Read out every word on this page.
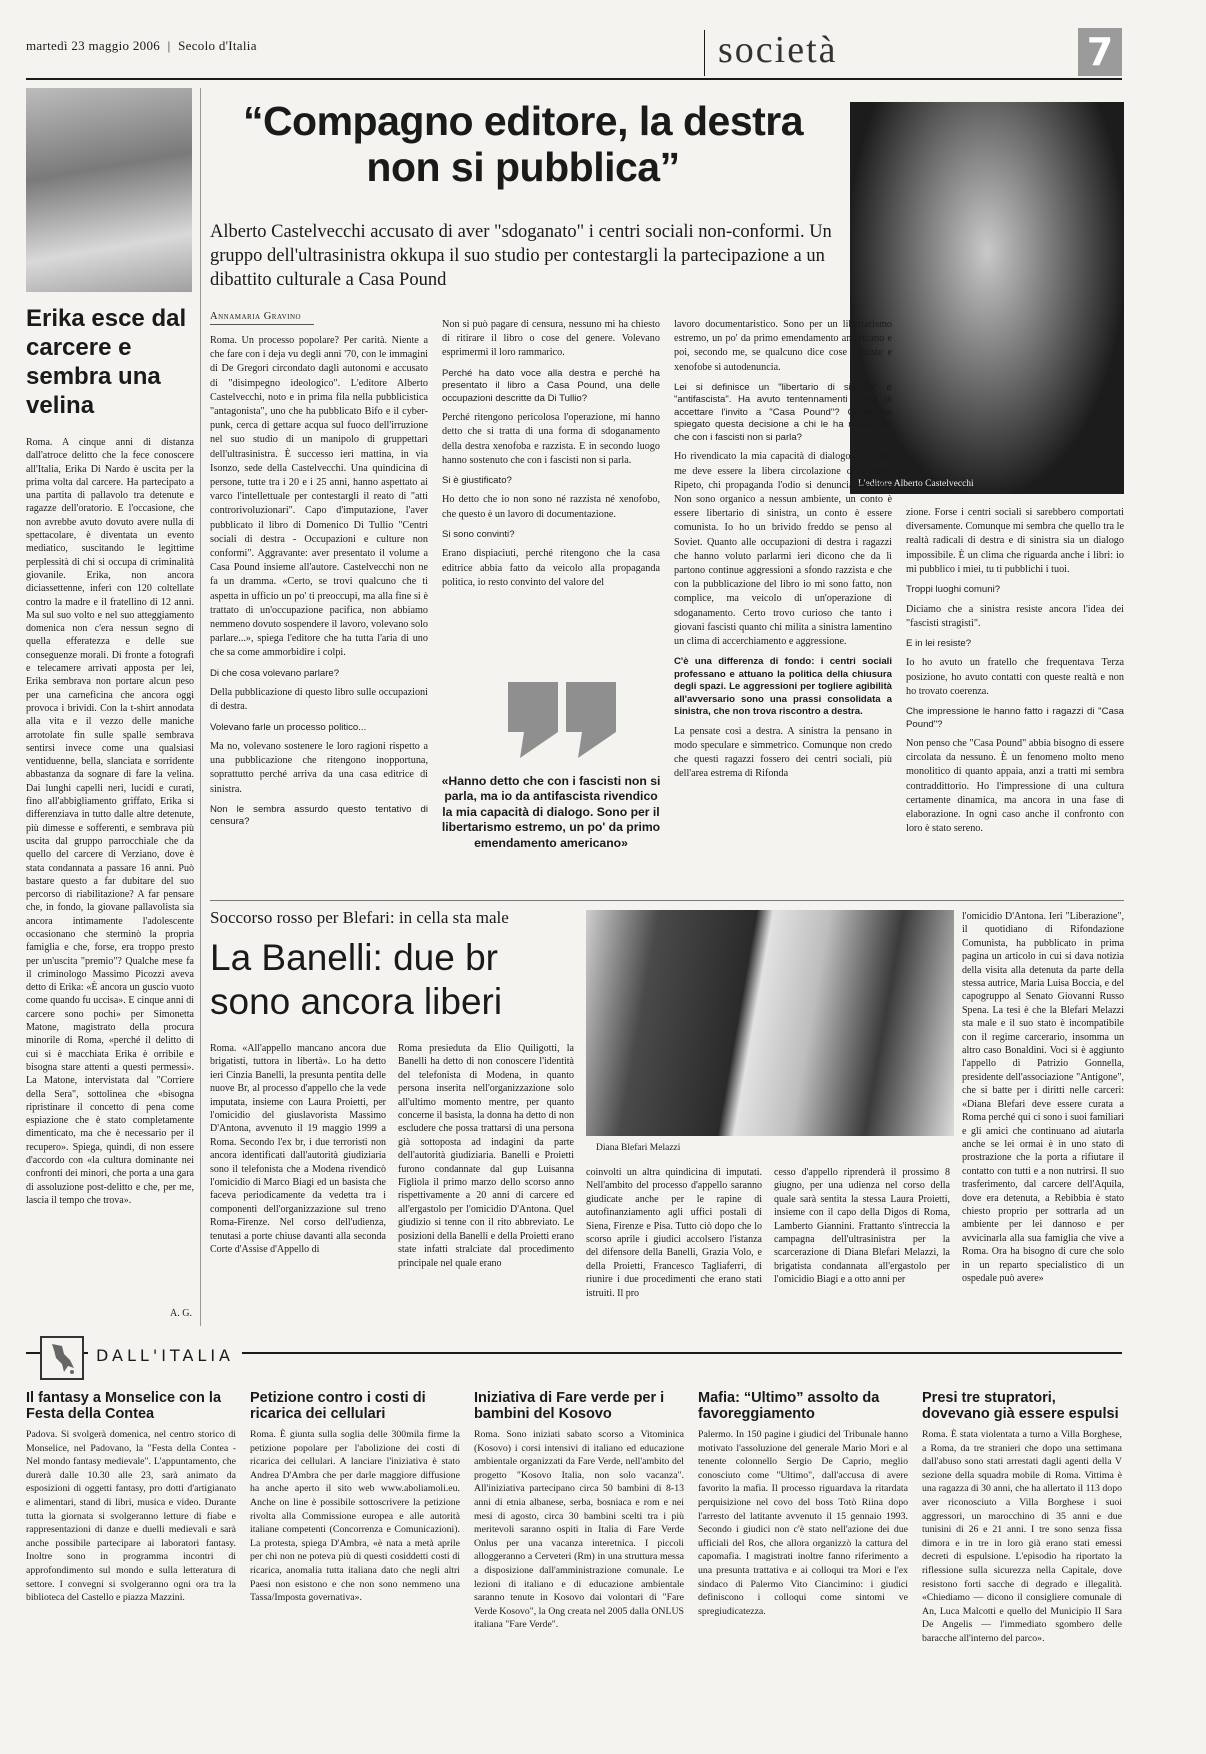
martedì 23 maggio 2006 | Secolo d'Italia	società	7
Erika esce dal carcere e sembra una velina
Roma. A cinque anni di distanza dall'atroce delitto che la fece conoscere all'Italia, Erika Di Nardo è uscita per la prima volta dal carcere. Ha partecipato a una partita di pallavolo tra detenute e ragazze dell'oratorio. E l'occasione, che non avrebbe avuto dovuto avere nulla di spettacolare, è diventata un evento mediatico, suscitando le legittime perplessità di chi si occupa di criminalità giovanile. Erika, non ancora diciassettenne, inferì con 120 coltellate contro la madre e il fratellino di 12 anni. Ma sul suo volto e nel suo atteggiamento domenica non c'era nessun segno di quella efferatezza e delle sue conseguenze morali. Di fronte a fotografi e telecamere arrivati apposta per lei, Erika sembrava non portare alcun peso per una carneficina che ancora oggi provoca i brividi. Con la t-shirt annodata alla vita e il vezzo delle maniche arrotolate fin sulle spalle sembrava sentirsi invece come una qualsiasi ventiduenne, bella, slanciata e sorridente abbastanza da sognare di fare la velina. Dai lunghi capelli neri, lucidi e curati, fino all'abbigliamento griffato, Erika si differenziava in tutto dalle altre detenute, più dimesse e sofferenti, e sembrava più uscita dal gruppo parrocchiale che da quello del carcere di Verziano, dove è stata condannata a passare 16 anni. Può bastare questo a far dubitare del suo percorso di riabilitazione? A far pensare che, in fondo, la giovane pallavolista sia ancora intimamente l'adolescente occasionano che sterminò la propria famiglia e che, forse, era troppo presto per un'uscita "premio"? Qualche mese fa il criminologo Massimo Picozzi aveva detto di Erika: «È ancora un guscio vuoto come quando fu uccisa». E cinque anni di carcere sono pochi» per Simonetta Matone, magistrato della procura minorile di Roma, «perché il delitto di cui si è macchiata Erika è orribile e bisogna stare attenti a questi permessi». La Matone, intervistata dal "Corriere della Sera", sottolinea che «bisogna ripristinare il concetto di pena come espiazione che è stato completamente dimenticato, ma che è necessario per il recupero». Spiega, quindi, di non essere d'accordo con «la cultura dominante nei confronti dei minori, che porta a una gara di assoluzione post-delitto e che, per me, lascia il tempo che trova».
A. G.
“Compagno editore, la destra non si pubblica”
Alberto Castelvecchi accusato di aver "sdoganato" i centri sociali non-conformi. Un gruppo dell'ultrasinistra okkupa il suo studio per contestargli la partecipazione a un dibattito culturale a Casa Pound
L'editore Alberto Castelvecchi
Annamaria Gravino

Roma. Un processo popolare? Per carità. Niente a che fare con i deja vu degli anni '70, con le immagini di De Gregori circondato dagli autonomi e accusato di "disimpegno ideologico". L'editore Alberto Castelvecchi, noto e in prima fila nella pubblicistica "antagonista", uno che ha pubblicato Bifo e il cyber-punk, cerca di gettare acqua sul fuoco dell'irruzione nel suo studio di un manipolo di gruppettari dell'ultrasinistra. È successo ieri mattina, in via Isonzo, sede della Castelvecchi. Una quindicina di persone, tutte tra i 20 e i 25 anni, hanno aspettato ai varco l'intellettuale per contestargli il reato di "atti controrivoluzionari". Capo d'imputazione, l'aver pubblicato il libro di Domenico Di Tullio "Centri sociali di destra - Occupazioni e culture non conformi". Aggravante: aver presentato il volume a Casa Pound insieme all'autore. Castelvecchi non ne fa un dramma. «Certo, se trovi qualcuno che ti aspetta in ufficio un po' ti preoccupi, ma alla fine si è trattato di un'occupazione pacifica, non abbiamo nemmeno dovuto sospendere il lavoro, volevano solo parlare...», spiega l'editore che ha tutta l'aria di uno che sa come ammorbidire i colpi.

Di che cosa volevano parlare?

Della pubblicazione di questo libro sulle occupazioni di destra.

Volevano farle un processo politico...

Ma no, volevano sostenere le loro ragioni rispetto a una pubblicazione che ritengono inopportuna, soprattutto perché arriva da una casa editrice di sinistra.

Non le sembra assurdo questo tentativo di censura?

Non si può pagare di censura, nessuno mi ha chiesto di ritirare il libro o cose del genere. Volevano esprimermi il loro rammarico.

Perché ha dato voce alla destra e perché ha presentato il libro a Casa Pound, una delle occupazioni descritte da Di Tullio?

Perché ritengono pericolosa l'operazione, mi hanno detto che si tratta di una forma di sdoganamento della destra xenofoba e razzista. E in secondo luogo hanno sostenuto che con i fascisti non si parla.

Si è giustificato?

Ho detto che io non sono né razzista né xenofobo, che questo è un lavoro di documentazione.

Si sono convinti?

Erano dispiaciuti, perché ritengono che la casa editrice abbia fatto da veicolo alla propaganda politica, io resto convinto del valore del

lavoro documentaristico. Sono per un libertarismo estremo, un po' da primo emendamento americano e poi, secondo me, se qualcuno dice cose razziste e xenofobe si autodenuncia.

Lei si definisce un "libertario di sinistra" e "antifascista". Ha avuto tentennamenti prima di accettare l'invito a "Casa Pound"? Come ha spiegato questa decisione a chi le ha rinfacciato che con i fascisti non si parla?

Ho rivendicato la mia capacità di dialogo. Secondo me deve essere la libera circolazione delle idee. Ripeto, chi propaganda l'odio si denuncia da solo. Non sono organico a nessun ambiente, un conto è essere libertario di sinistra, un conto è essere comunista. Io ho un brivido freddo se penso al Soviet. Quanto alle occupazioni di destra i ragazzi che hanno voluto parlarmi ieri dicono che da lì partono continue aggressioni a sfondo razzista e che con la pubblicazione del libro io mi sono fatto, non complice, ma veicolo di un'operazione di sdoganamento. Certo trovo curioso che tanto i giovani fascisti quanto chi milita a sinistra lamentino un clima di accerchiamento e aggressione.

C'è una differenza di fondo: i centri sociali professano e attuano la politica della chiusura degli spazi. Le aggressioni per togliere agibilità all'avversario sono una prassi consolidata a sinistra, che non trova riscontro a destra.

La pensate così a destra. A sinistra la pensano in modo speculare e simmetrico. Comunque non credo che questi ragazzi fossero dei centri sociali, più dell'area estrema di Rifonda

zione. Forse i centri sociali si sarebbero comportati diversamente. Comunque mi sembra che quello tra le realtà radicali di destra e di sinistra sia un dialogo impossibile. È un clima che riguarda anche i libri: io mi pubblico i miei, tu ti pubblichi i tuoi.

Troppi luoghi comuni?

Diciamo che a sinistra resiste ancora l'idea dei "fascisti stragisti".

E in lei resiste?

Io ho avuto un fratello che frequentava Terza posizione, ho avuto contatti con queste realtà e non ho trovato coerenza.

Che impressione le hanno fatto i ragazzi di "Casa Pound"?

Non penso che "Casa Pound" abbia bisogno di essere circolata da nessuno. È un fenomeno molto meno monolitico di quanto appaia, anzi a tratti mi sembra contraddittorio. Ho l'impressione di una cultura certamente dinamica, ma ancora in una fase di elaborazione. In ogni caso anche il confronto con loro è stato sereno.

«Hanno detto che con i fascisti non si parla, ma io da antifascista rivendico la mia capacità di dialogo. Sono per il libertarismo estremo, un po' da primo emendamento americano»
Soccorso rosso per Blefari: in cella sta male
La Banelli: due br sono ancora liberi
Diana Blefari Melazzi
Roma. «All'appello mancano ancora due brigatisti, tuttora in libertà». Lo ha detto ieri Cinzia Banelli, la presunta pentita delle nuove Br, al processo d'appello che la vede imputata, insieme con Laura Proietti, per l'omicidio del giuslavorista Massimo D'Antona, avvenuto il 19 maggio 1999 a Roma. Secondo l'ex br, i due terroristi non ancora identificati dall'autorità giudiziaria sono il telefonista che a Modena rivendicò l'omicidio di Marco Biagi ed un basista che faceva periodicamente da vedetta tra i componenti dell'organizzazione sul treno Roma-Firenze. Nel corso dell'udienza, tenutasi a porte chiuse davanti alla seconda Corte d'Assise d'Appello di
Roma presieduta da Elio Quiligotti, la Banelli ha detto di non conoscere l'identità del telefonista di Modena, in quanto persona inserita nell'organizzazione solo all'ultimo momento mentre, per quanto concerne il basista, la donna ha detto di non escludere che possa trattarsi di una persona già sottoposta ad indagini da parte dell'autorità giudiziaria. Banelli e Proietti furono condannate dal gup Luisanna Figliola il primo marzo dello scorso anno rispettivamente a 20 anni di carcere ed all'ergastolo per l'omicidio D'Antona. Quel giudizio si tenne con il rito abbreviato. Le posizioni della Banelli e della Proietti erano state infatti stralciate dal procedimento principale nel quale erano
coinvolti un altra quindicina di imputati. Nell'ambito del processo d'appello saranno giudicate anche per le rapine di autofinanziamento agli uffici postali di Siena, Firenze e Pisa. Tutto ciò dopo che lo scorso aprile i giudici accolsero l'istanza del difensore della Banelli, Grazia Volo, e della Proietti, Francesco Tagliaferri, di riunire i due procedimenti che erano stati istruiti. Il pro
cesso d'appello riprenderà il prossimo 8 giugno, per una udienza nel corso della quale sarà sentita la stessa Laura Proietti, insieme con il capo della Digos di Roma, Lamberto Giannini. Frattanto s'intreccia la campagna dell'ultrasinistra per la scarcerazione di Diana Blefari Melazzi, la brigatista condannata all'ergastolo per l'omicidio Biagi e a otto anni per
l'omicidio D'Antona. Ieri "Liberazione", il quotidiano di Rifondazione Comunista, ha pubblicato in prima pagina un articolo in cui si dava notizia della visita alla detenuta da parte della stessa autrice, Maria Luisa Boccia, e del capogruppo al Senato Giovanni Russo Spena. La tesi è che la Blefari Melazzi sta male e il suo stato è incompatibile con il regime carcerario, insomma un altro caso Bonaldini. Voci si è aggiunto l'appello di Patrizio Gonnella, presidente dell'associazione "Antigone", che si batte per i diritti nelle carceri: «Diana Blefari deve essere curata a Roma perché qui ci sono i suoi familiari e gli amici che continuano ad aiutarla anche se lei ormai è in uno stato di prostrazione che la porta a rifiutare il contatto con tutti e a non nutrirsi. Il suo trasferimento, dal carcere dell'Aquila, dove era detenuta, a Rebibbia è stato chiesto proprio per sottrarla ad un ambiente per lei dannoso e per avvicinarla alla sua famiglia che vive a Roma. Ora ha bisogno di cure che solo in un reparto specialistico di un ospedale può avere»
DALL'ITALIA
Il fantasy a Monselice con la Festa della Contea
Padova. Si svolgerà domenica, nel centro storico di Monselice, nel Padovano, la "Festa della Contea - Nel mondo fantasy medievale". L'appuntamento, che durerà dalle 10.30 alle 23, sarà animato da esposizioni di oggetti fantasy, pro dotti d'artigianato e alimentari, stand di libri, musica e video. Durante tutta la giornata si svolgeranno letture di fiabe e rappresentazioni di danze e duelli medievali e sarà anche possibile partecipare ai laboratori fantasy. Inoltre sono in programma incontri di approfondimento sul mondo e sulla letteratura di settore. I convegni si svolgeranno ogni ora tra la biblioteca del Castello e piazza Mazzini.
Petizione contro i costi di ricarica dei cellulari
Roma. È giunta sulla soglia delle 300mila firme la petizione popolare per l'abolizione dei costi di ricarica dei cellulari. A lanciare l'iniziativa è stato Andrea D'Ambra che per darle maggiore diffusione ha anche aperto il sito web www.aboliamoli.eu. Anche on line è possibile sottoscrivere la petizione rivolta alla Commissione europea e alle autorità italiane competenti (Concorrenza e Comunicazioni). La protesta, spiega D'Ambra, «è nata a metà aprile per chi non ne poteva più di questi cosiddetti costi di ricarica, anomalia tutta italiana dato che negli altri Paesi non esistono e che non sono nemmeno una Tassa/Imposta governativa».
Iniziativa di Fare verde per i bambini del Kosovo
Roma. Sono iniziati sabato scorso a Vitominica (Kosovo) i corsi intensivi di italiano ed educazione ambientale organizzati da Fare Verde, nell'ambito del progetto "Kosovo Italia, non solo vacanza". All'iniziativa partecipano circa 50 bambini di 8-13 anni di etnia albanese, serba, bosniaca e rom e nei mesi di agosto, circa 30 bambini scelti tra i più meritevoli saranno ospiti in Italia di Fare Verde Onlus per una vacanza interetnica. I piccoli alloggeranno a Cerveteri (Rm) in una struttura messa a disposizione dall'amministrazione comunale. Le lezioni di italiano e di educazione ambientale saranno tenute in Kosovo dai volontari di "Fare Verde Kosovo", la Ong creata nel 2005 dalla ONLUS italiana "Fare Verde".
Mafia: “Ultimo” assolto da favoreggiamento
Palermo. In 150 pagine i giudici del Tribunale hanno motivato l'assoluzione del generale Mario Mori e al tenente colonnello Sergio De Caprio, meglio conosciuto come "Ultimo", dall'accusa di avere favorito la mafia. Il processo riguardava la ritardata perquisizione nel covo del boss Totò Riina dopo l'arresto del latitante avvenuto il 15 gennaio 1993. Secondo i giudici non c'è stato nell'azione dei due ufficiali del Ros, che allora organizzò la cattura del capomafia. I magistrati inoltre fanno riferimento a una presunta trattativa e ai colloqui tra Mori e l'ex sindaco di Palermo Vito Ciancimino: i giudici definiscono i colloqui come sintomi ve spregiudicatezza.
Presi tre stupratori, dovevano già essere espulsi
Roma. È stata violentata a turno a Villa Borghese, a Roma, da tre stranieri che dopo una settimana dall'abuso sono stati arrestati dagli agenti della V sezione della squadra mobile di Roma. Vittima è una ragazza di 30 anni, che ha allertato il 113 dopo aver riconosciuto a Villa Borghese i suoi aggressori, un marocchino di 35 anni e due tunisini di 26 e 21 anni. I tre sono senza fissa dimora e in tre in loro già erano stati emessi decreti di espulsione. L'episodio ha riportato la riflessione sulla sicurezza nella Capitale, dove resistono forti sacche di degrado e illegalità. «Chiediamo — dicono il consigliere comunale di An, Luca Malcotti e quello del Municipio II Sara De Angelis — l'immediato sgombero delle baracche all'interno del parco».
